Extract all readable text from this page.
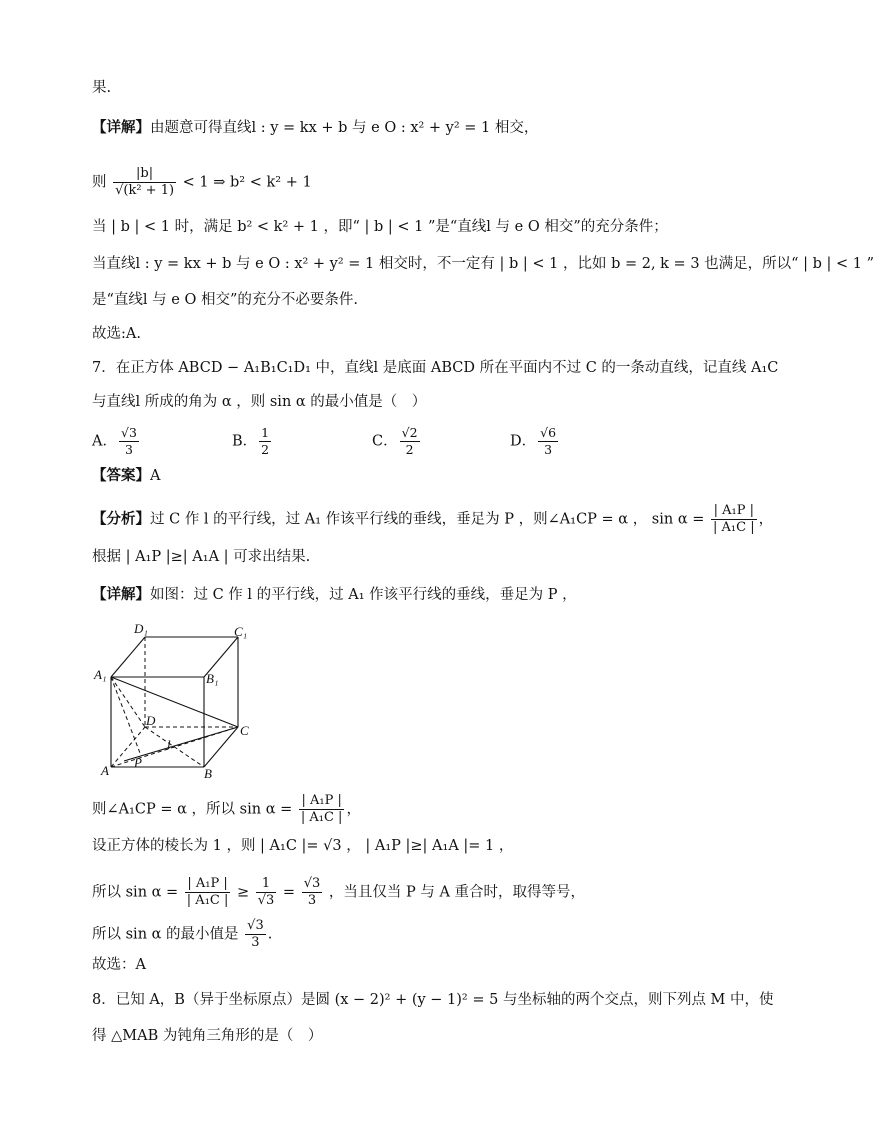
果.
【详解】由题意可得直线l : y = kx + b 与 e O : x² + y² = 1 相交，
则 $\frac{|b|}{\text{√(k² + 1)}} < 1$ ⇒ b² < k² + 1
当 | b | < 1 时，满足 b² < k² + 1 ，即“ | b | < 1 ”是“直线l 与 e O 相交”的充分条件；
当直线l : y = kx + b 与 e O : x² + y² = 1 相交时，不一定有 | b | < 1 ，比如 b = 2, k = 3 也满足，所以“ | b | < 1 ”
是“直线l 与 e O 相交”的充分不必要条件.
故选:A.
7．在正方体 ABCD − A₁B₁C₁D₁ 中，直线l 是底面 ABCD 所在平面内不过 C 的一条动直线，记直线 A₁C
与直线l 所成的角为 α ，则 sin α 的最小值是（　）
A． $\frac{√3}{3}$	B． $\frac{1}{2}$	C． $\frac{√2}{2}$	D． $\frac{√6}{3}$
【答案】A
【分析】过 C 作 l 的平行线，过 A₁ 作该平行线的垂线，垂足为 P ，则∠A₁CP = α ， $\sin \alpha = \frac{\text{| A₁P |}}{\text{| A₁C |}}$ ，
根据 | A₁P |≥| A₁A | 可求出结果.
【详解】如图：过 C 作 l 的平行线，过 A₁ 作该平行线的垂线，垂足为 P ，
D₁	C₁
A₁	B₁
D
C
A	B
P
l
则∠A₁CP = α ，所以 $\sin \alpha = \frac{\text{| A₁P |}}{\text{| A₁C |}}$ ，
设正方体的棱长为 1 ，则 | A₁C |= √3 ， | A₁P |≥| A₁A |= 1 ，
所以 $\sin \alpha = \frac{\text{| A₁P |}}{\text{| A₁C |}} \ge \frac{1}{√3} = \frac{√3}{3}$ ，当且仅当 P 与 A 重合时，取得等号，
所以 sin α 的最小值是 $\frac{√3}{3}$ .
故选：A
8．已知 A，B（异于坐标原点）是圆 (x − 2)² + (y − 1)² = 5 与坐标轴的两个交点，则下列点 M 中，使
得 △MAB 为钝角三角形的是（　）
